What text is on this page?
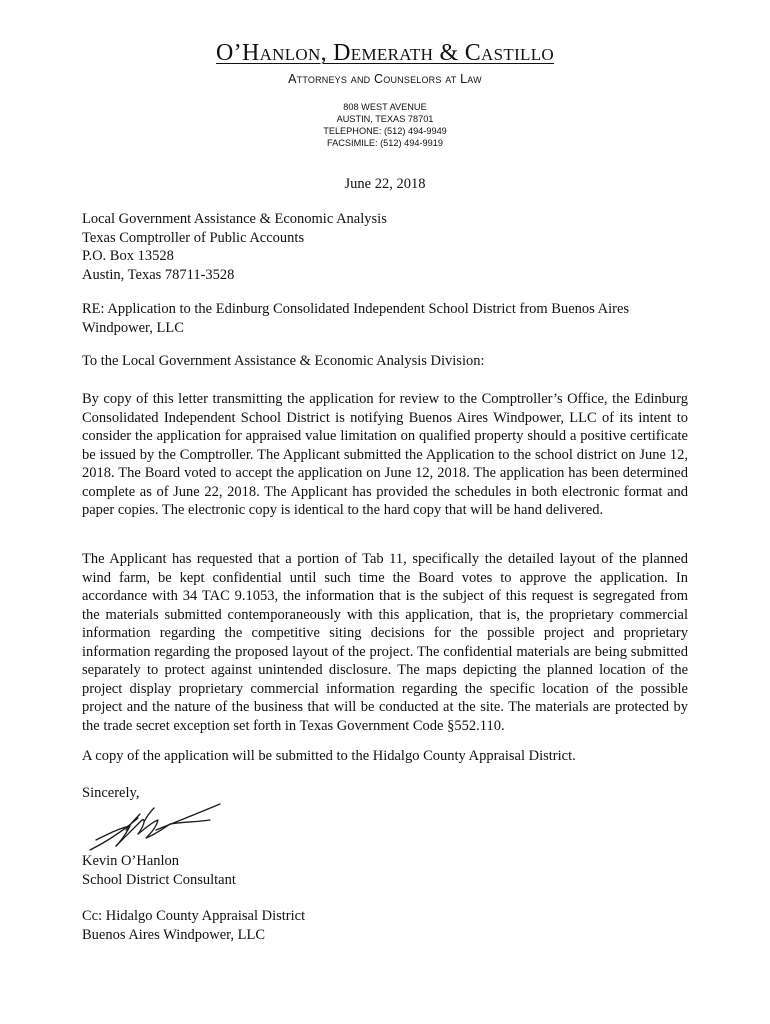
O’Hanlon, Demerath & Castillo
Attorneys and Counselors at Law
808 WEST AVENUE
AUSTIN, TEXAS 78701
TELEPHONE: (512) 494-9949
FACSIMILE: (512) 494-9919
June 22, 2018
Local Government Assistance & Economic Analysis
Texas Comptroller of Public Accounts
P.O. Box 13528
Austin, Texas 78711-3528
RE: Application to the Edinburg Consolidated Independent School District from Buenos Aires Windpower, LLC
To the Local Government Assistance & Economic Analysis Division:
By copy of this letter transmitting the application for review to the Comptroller’s Office, the Edinburg Consolidated Independent School District is notifying Buenos Aires Windpower, LLC of its intent to consider the application for appraised value limitation on qualified property should a positive certificate be issued by the Comptroller. The Applicant submitted the Application to the school district on June 12, 2018. The Board voted to accept the application on June 12, 2018. The application has been determined complete as of June 22, 2018. The Applicant has provided the schedules in both electronic format and paper copies. The electronic copy is identical to the hard copy that will be hand delivered.
The Applicant has requested that a portion of Tab 11, specifically the detailed layout of the planned wind farm, be kept confidential until such time the Board votes to approve the application. In accordance with 34 TAC 9.1053, the information that is the subject of this request is segregated from the materials submitted contemporaneously with this application, that is, the proprietary commercial information regarding the competitive siting decisions for the possible project and proprietary information regarding the proposed layout of the project. The confidential materials are being submitted separately to protect against unintended disclosure. The maps depicting the planned location of the project display proprietary commercial information regarding the specific location of the possible project and the nature of the business that will be conducted at the site. The materials are protected by the trade secret exception set forth in Texas Government Code §552.110.
A copy of the application will be submitted to the Hidalgo County Appraisal District.
Sincerely,
Kevin O’Hanlon
School District Consultant
Cc: Hidalgo County Appraisal District
Buenos Aires Windpower, LLC
